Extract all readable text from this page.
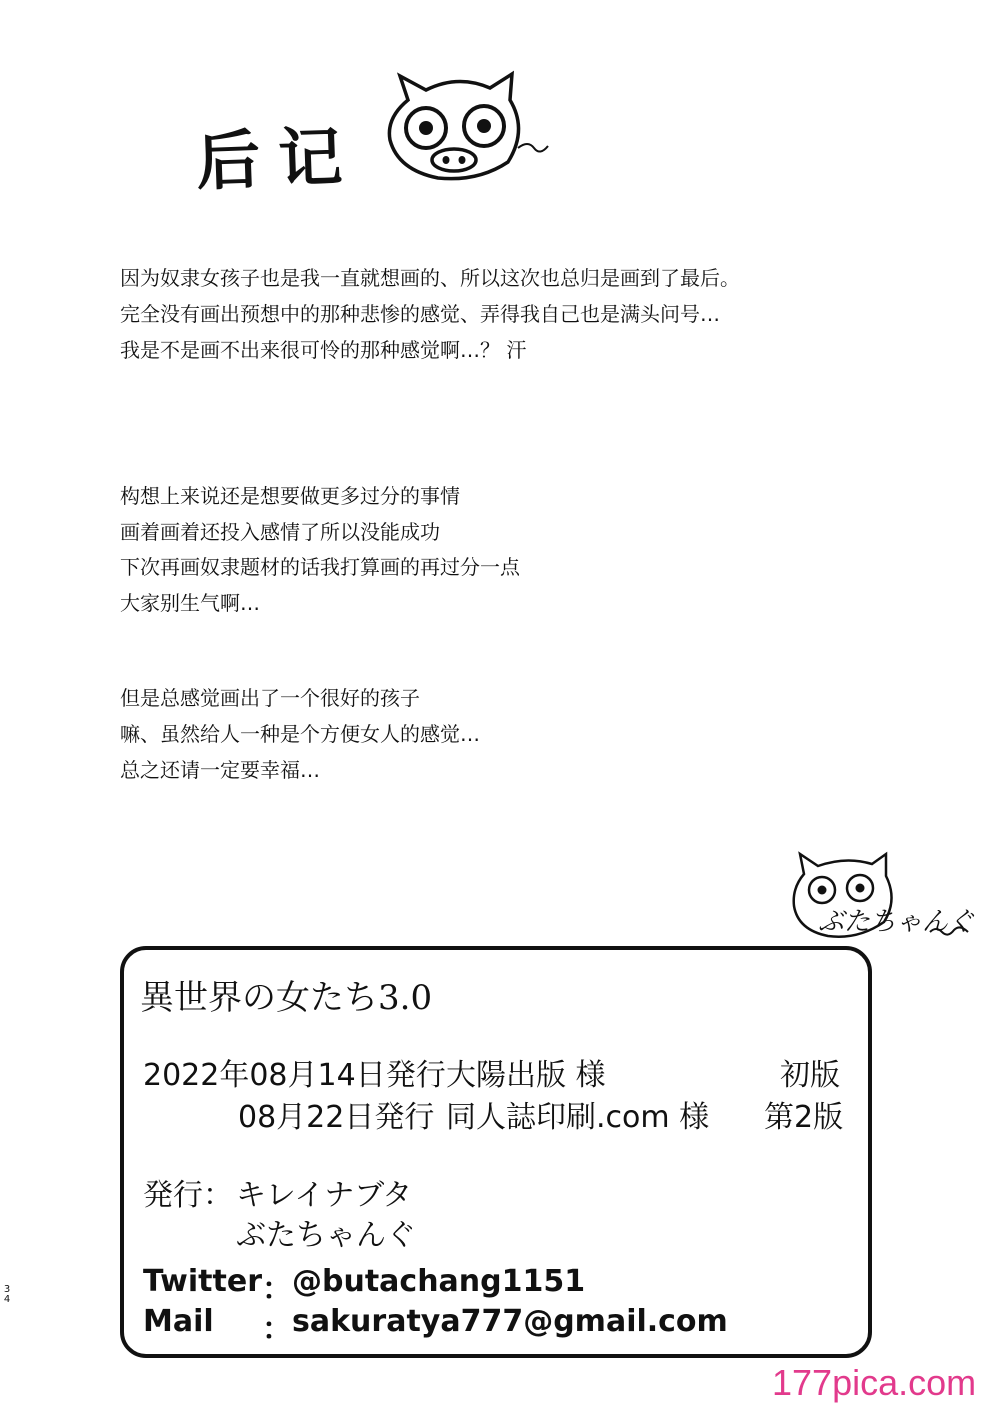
后记
因为奴隶女孩子也是我一直就想画的、所以这次也总归是画到了最后。
完全没有画出预想中的那种悲惨的感觉、弄得我自己也是满头问号…
我是不是画不出来很可怜的那种感觉啊…？ 汗
构想上来说还是想要做更多过分的事情
画着画着还投入感情了所以没能成功
下次再画奴隶题材的话我打算画的再过分一点
大家别生气啊…
但是总感觉画出了一个很好的孩子
嘛、虽然给人一种是个方便女人的感觉…
总之还请一定要幸福…
ぶたちゃんぐ
異世界の女たち3.0
2022年08月14日発行 大陽出版 様	初版
08月22日発行 同人誌印刷.com 様 第2版
発行： キレイナブタ
ぶたちゃんぐ
Twitter ： @butachang1151
Mail ： sakuratya777@gmail.com
3
4
177pica.com
